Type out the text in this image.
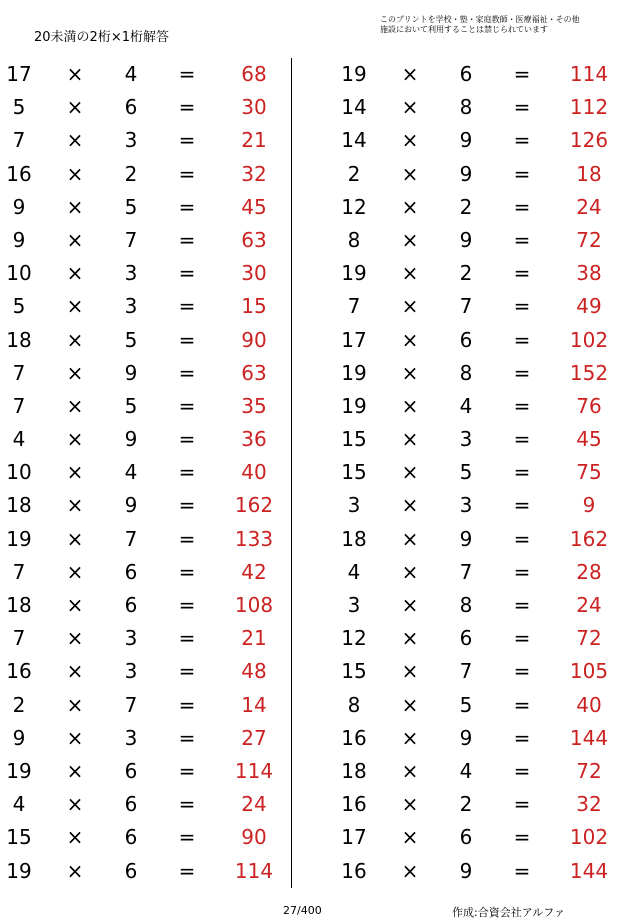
20未満の2桁×1桁解答
このプリントを学校・塾・家庭教師・医療福祉・その他
施設において利用することは禁じられています
17	×	4	=	68
5	×	6	=	30
7	×	3	=	21
16	×	2	=	32
9	×	5	=	45
9	×	7	=	63
10	×	3	=	30
5	×	3	=	15
18	×	5	=	90
7	×	9	=	63
7	×	5	=	35
4	×	9	=	36
10	×	4	=	40
18	×	9	=	162
19	×	7	=	133
7	×	6	=	42
18	×	6	=	108
7	×	3	=	21
16	×	3	=	48
2	×	7	=	14
9	×	3	=	27
19	×	6	=	114
4	×	6	=	24
15	×	6	=	90
19	×	6	=	114
19	×	6	=	114
14	×	8	=	112
14	×	9	=	126
2	×	9	=	18
12	×	2	=	24
8	×	9	=	72
19	×	2	=	38
7	×	7	=	49
17	×	6	=	102
19	×	8	=	152
19	×	4	=	76
15	×	3	=	45
15	×	5	=	75
3	×	3	=	9
18	×	9	=	162
4	×	7	=	28
3	×	8	=	24
12	×	6	=	72
15	×	7	=	105
8	×	5	=	40
16	×	9	=	144
18	×	4	=	72
16	×	2	=	32
17	×	6	=	102
16	×	9	=	144
27/400	作成:合資会社アルファ
